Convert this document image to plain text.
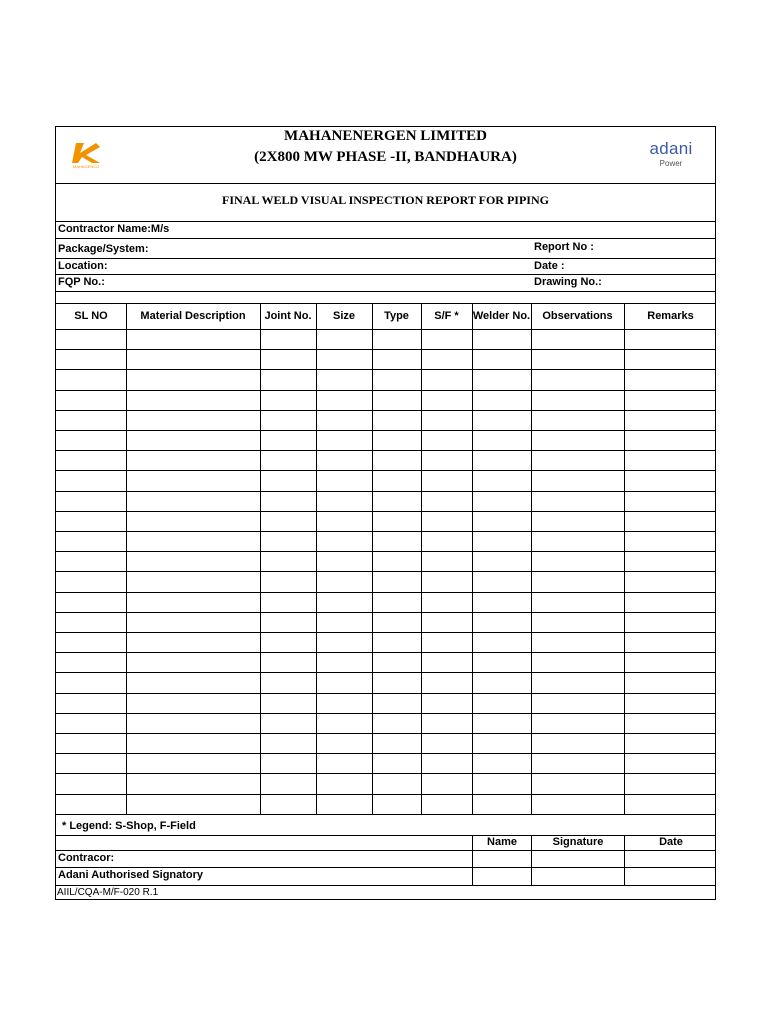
MAHAGENCO
MAHANENERGEN LIMITED
(2X800 MW PHASE -II, BANDHAURA)	adani
Power
FINAL WELD VISUAL INSPECTION REPORT FOR PIPING
Contractor Name:M/s
Package/System:	Report No :
Location:	Date :
FQP No.:	Drawing No.:
SL NO	Material Description	Joint No.	Size	Type	S/F *	Welder No.	Observations	Remarks
* Legend: S-Shop, F-Field
Name	Signature	Date
Contracor:
Adani Authorised Signatory
AIIL/CQA-M/F-020 R.1
